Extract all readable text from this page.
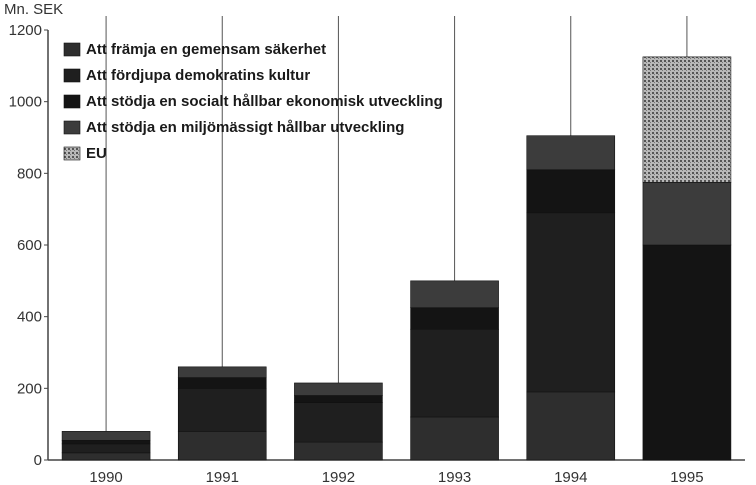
Mn. SEK
0
200
400
600
800
1000
1200
1990	1991	1992	1993	1994	1995
Att främja en gemensam säkerhet
Att fördjupa demokratins kultur
Att stödja en socialt hållbar ekonomisk utveckling
Att stödja en miljömässigt hållbar utveckling
EU
